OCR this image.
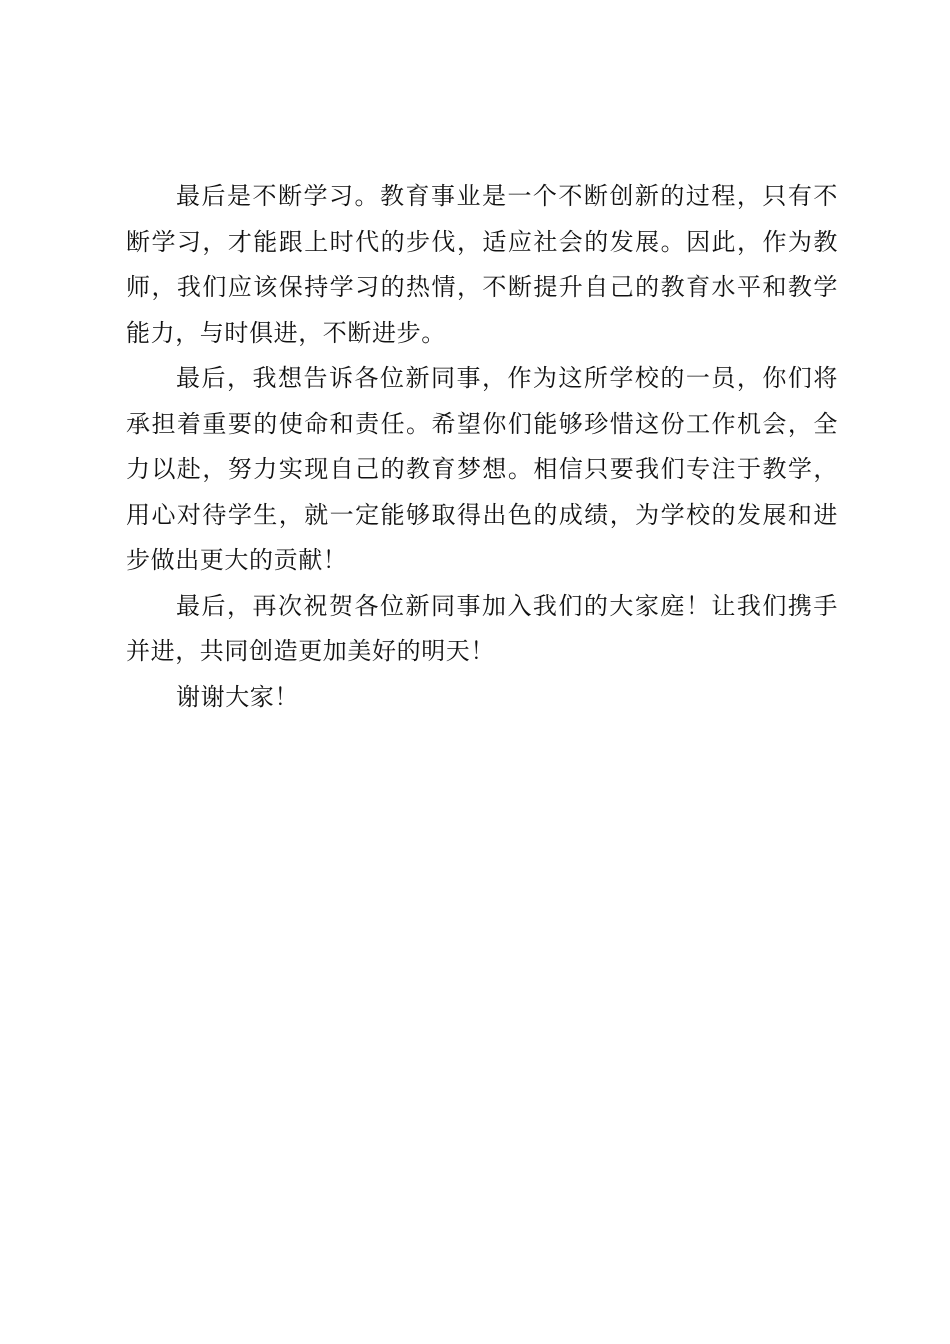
最后是不断学习。教育事业是一个不断创新的过程，只有不断学习，才能跟上时代的步伐，适应社会的发展。因此，作为教师，我们应该保持学习的热情，不断提升自己的教育水平和教学能力，与时俱进，不断进步。

最后，我想告诉各位新同事，作为这所学校的一员，你们将承担着重要的使命和责任。希望你们能够珍惜这份工作机会，全力以赴，努力实现自己的教育梦想。相信只要我们专注于教学，用心对待学生，就一定能够取得出色的成绩，为学校的发展和进步做出更大的贡献！

最后，再次祝贺各位新同事加入我们的大家庭！让我们携手并进，共同创造更加美好的明天！

谢谢大家！
